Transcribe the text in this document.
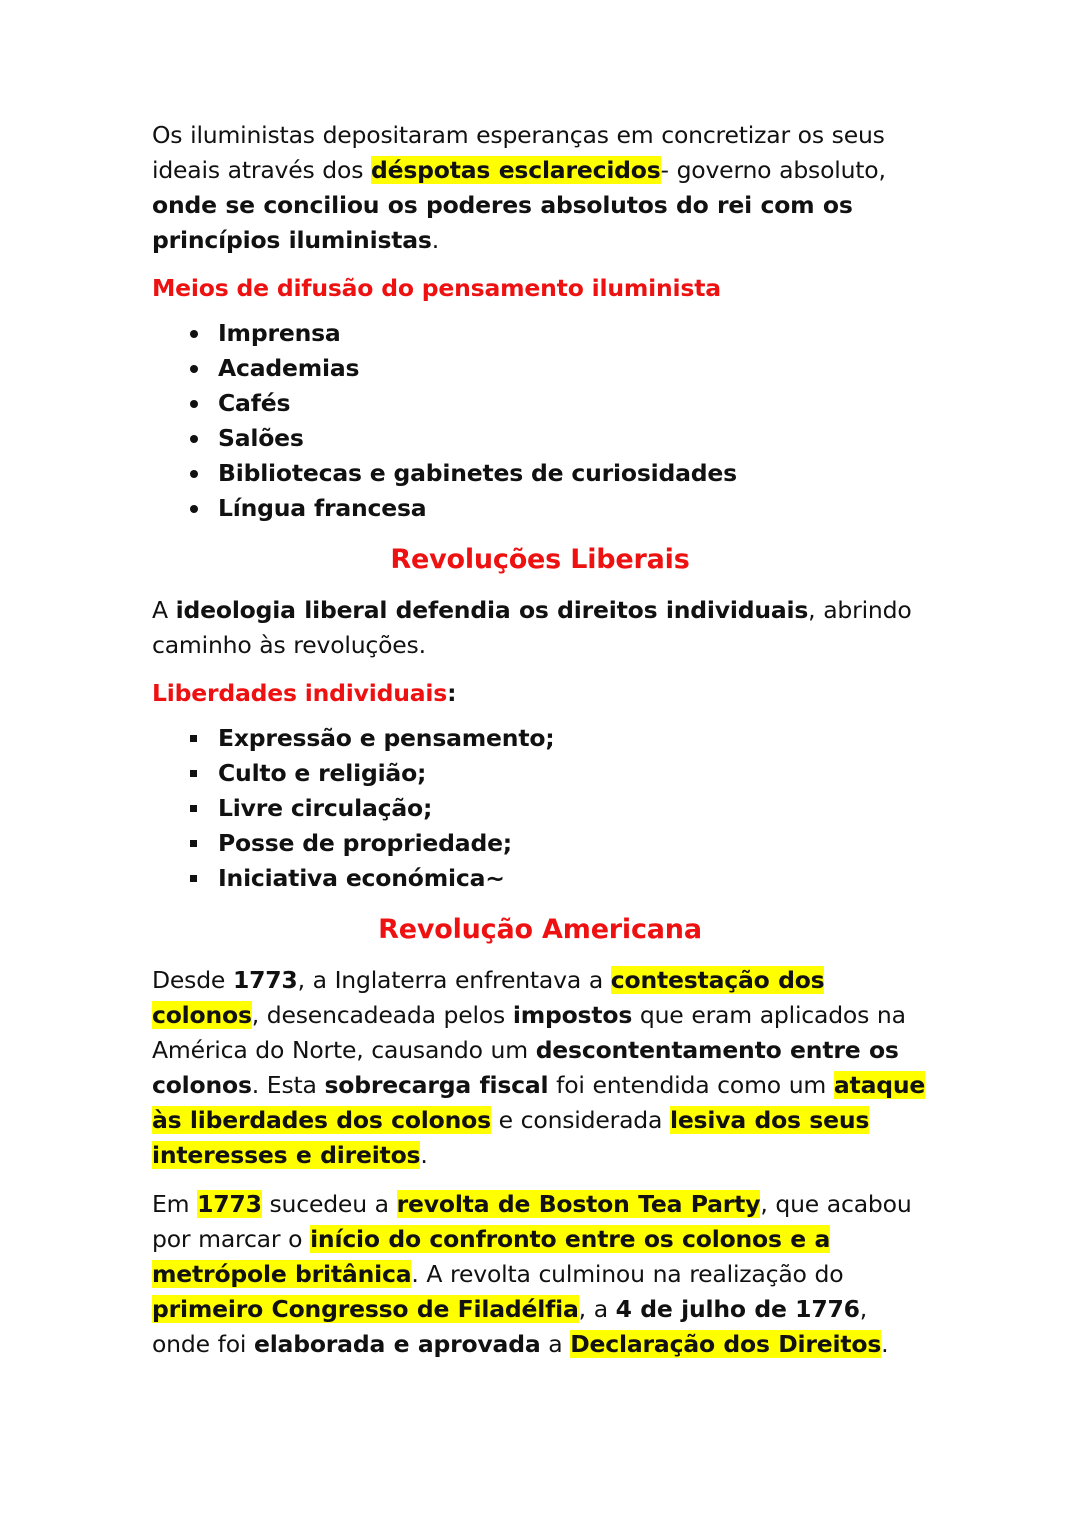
Os iluministas depositaram esperanças em concretizar os seus ideais através dos déspotas esclarecidos- governo absoluto, onde se conciliou os poderes absolutos do rei com os princípios iluministas.

Meios de difusão do pensamento iluminista
Imprensa
Academias
Cafés
Salões
Bibliotecas e gabinetes de curiosidades
Língua francesa
Revoluções Liberais

A ideologia liberal defendia os direitos individuais, abrindo caminho às revoluções.

Liberdades individuais:
Expressão e pensamento;
Culto e religião;
Livre circulação;
Posse de propriedade;
Iniciativa económica~
Revolução Americana

Desde 1773, a Inglaterra enfrentava a contestação dos colonos, desencadeada pelos impostos que eram aplicados na América do Norte, causando um descontentamento entre os colonos. Esta sobrecarga fiscal foi entendida como um ataque às liberdades dos colonos e considerada lesiva dos seus interesses e direitos.

Em 1773 sucedeu a revolta de Boston Tea Party, que acabou por marcar o início do confronto entre os colonos e a metrópole britânica. A revolta culminou na realização do primeiro Congresso de Filadélfia, a 4 de julho de 1776, onde foi elaborada e aprovada a Declaração dos Direitos.
